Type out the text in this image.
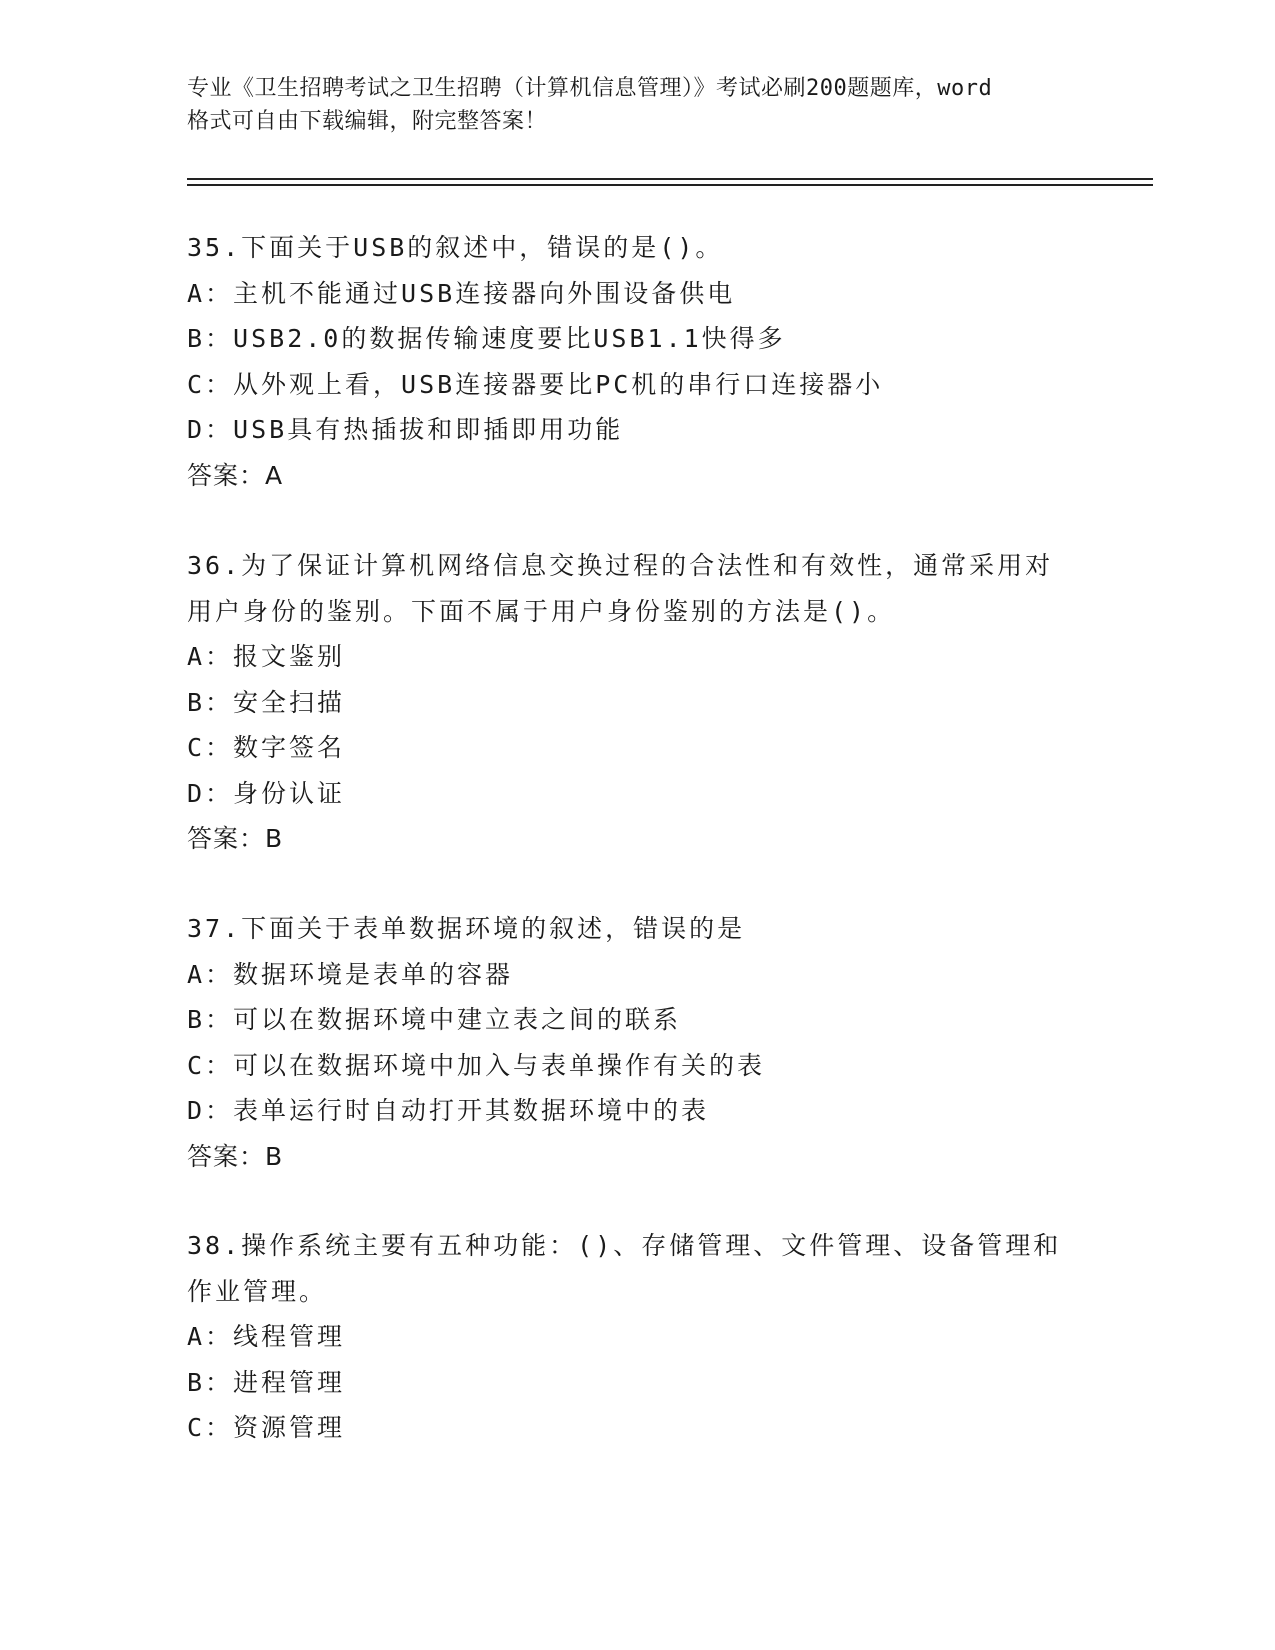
专业《卫生招聘考试之卫生招聘（计算机信息管理）》考试必刷200题题库，word
格式可自由下载编辑，附完整答案！
35.下面关于USB的叙述中，错误的是()。
A：主机不能通过USB连接器向外围设备供电
B：USB2.0的数据传输速度要比USB1.1快得多
C：从外观上看，USB连接器要比PC机的串行口连接器小
D：USB具有热插拔和即插即用功能
答案：A
36.为了保证计算机网络信息交换过程的合法性和有效性，通常采用对
用户身份的鉴别。下面不属于用户身份鉴别的方法是()。
A：报文鉴别
B：安全扫描
C：数字签名
D：身份认证
答案：B
37.下面关于表单数据环境的叙述，错误的是
A：数据环境是表单的容器
B：可以在数据环境中建立表之间的联系
C：可以在数据环境中加入与表单操作有关的表
D：表单运行时自动打开其数据环境中的表
答案：B
38.操作系统主要有五种功能：()、存储管理、文件管理、设备管理和
作业管理。
A：线程管理
B：进程管理
C：资源管理
